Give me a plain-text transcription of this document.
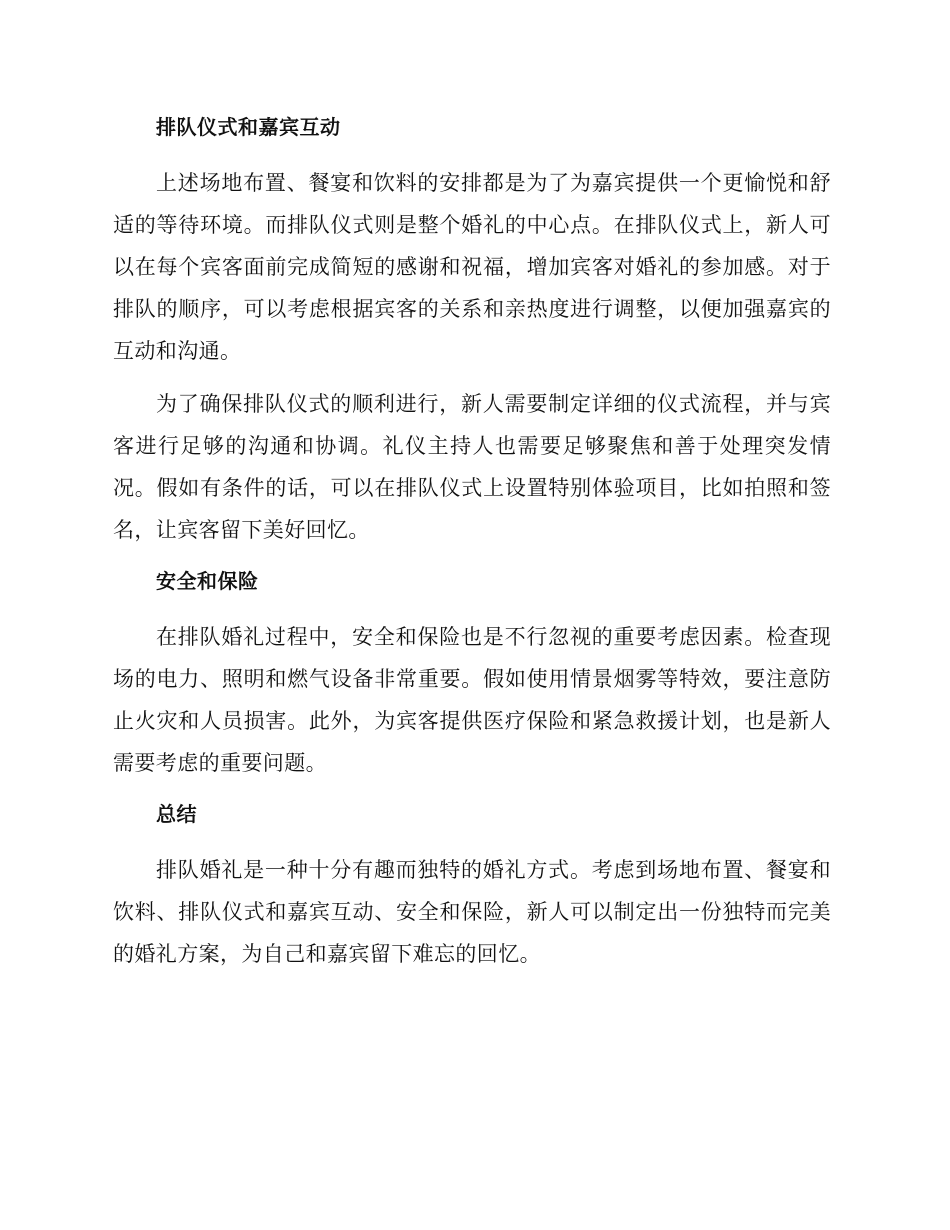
排队仪式和嘉宾互动

上述场地布置、餐宴和饮料的安排都是为了为嘉宾提供一个更愉悦和舒适的等待环境。而排队仪式则是整个婚礼的中心点。在排队仪式上，新人可以在每个宾客面前完成简短的感谢和祝福，增加宾客对婚礼的参加感。对于排队的顺序，可以考虑根据宾客的关系和亲热度进行调整，以便加强嘉宾的互动和沟通。

为了确保排队仪式的顺利进行，新人需要制定详细的仪式流程，并与宾客进行足够的沟通和协调。礼仪主持人也需要足够聚焦和善于处理突发情况。假如有条件的话，可以在排队仪式上设置特别体验项目，比如拍照和签名，让宾客留下美好回忆。

安全和保险

在排队婚礼过程中，安全和保险也是不行忽视的重要考虑因素。检查现场的电力、照明和燃气设备非常重要。假如使用情景烟雾等特效，要注意防止火灾和人员损害。此外，为宾客提供医疗保险和紧急救援计划，也是新人需要考虑的重要问题。

总结

排队婚礼是一种十分有趣而独特的婚礼方式。考虑到场地布置、餐宴和饮料、排队仪式和嘉宾互动、安全和保险，新人可以制定出一份独特而完美的婚礼方案，为自己和嘉宾留下难忘的回忆。
